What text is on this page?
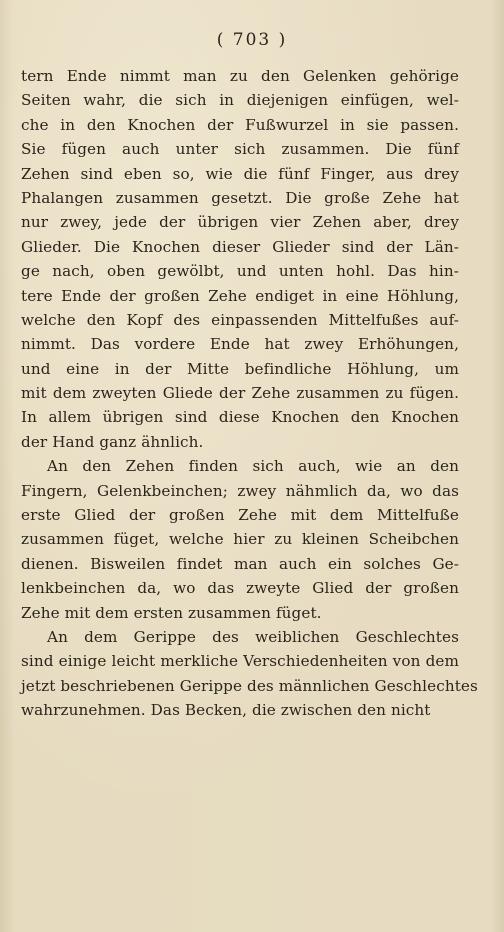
( 703 )
tern Ende nimmt man zu den Gelenken gehörige
Seiten wahr, die sich in diejenigen einfügen, wel-
che in den Knochen der Fußwurzel in sie passen.
Sie fügen auch unter sich zusammen. Die fünf
Zehen sind eben so, wie die fünf Finger, aus drey
Phalangen zusammen gesetzt. Die große Zehe hat
nur zwey, jede der übrigen vier Zehen aber, drey
Glieder. Die Knochen dieser Glieder sind der Län-
ge nach, oben gewölbt, und unten hohl. Das hin-
tere Ende der großen Zehe endiget in eine Höhlung,
welche den Kopf des einpassenden Mittelfußes auf-
nimmt. Das vordere Ende hat zwey Erhöhungen,
und eine in der Mitte befindliche Höhlung, um
mit dem zweyten Gliede der Zehe zusammen zu fügen.
In allem übrigen sind diese Knochen den Knochen
der Hand ganz ähnlich.
An den Zehen finden sich auch, wie an den
Fingern, Gelenkbeinchen; zwey nähmlich da, wo das
erste Glied der großen Zehe mit dem Mittelfuße
zusammen füget, welche hier zu kleinen Scheibchen
dienen. Bisweilen findet man auch ein solches Ge-
lenkbeinchen da, wo das zweyte Glied der großen
Zehe mit dem ersten zusammen füget.
An dem Gerippe des weiblichen Geschlechtes
sind einige leicht merkliche Verschiedenheiten von dem
jetzt beschriebenen Gerippe des männlichen Geschlechtes
wahrzunehmen. Das Becken, die zwischen den nicht
